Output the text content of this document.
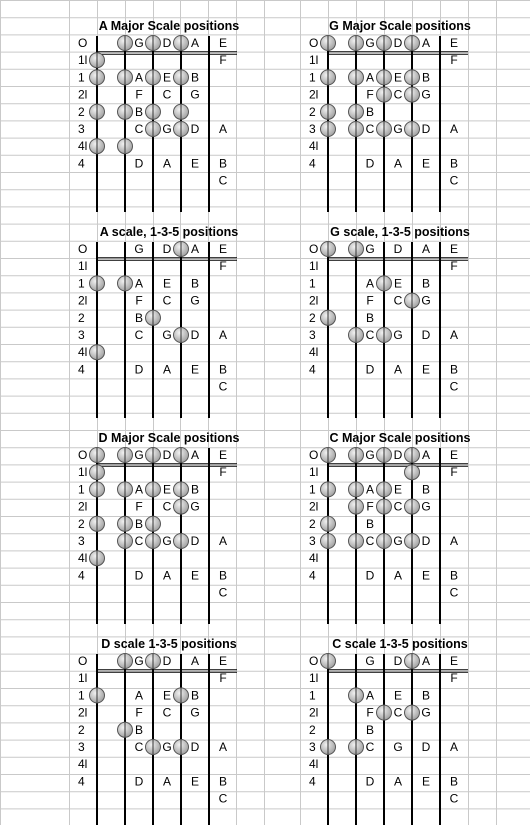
A Major Scale positions
O
1l
1
2l
2
3
4l
4
G D A E
F
A E B
F C G
B
C G D A
D A E B
C
G Major Scale positions
O
1l
1
2l
2
3
4l
4
G D A E
F
A E B
F C G
B
C G D A
D A E B
C
A scale, 1-3-5 positions
O
1l
1
2l
2
3
4l
4
G D A E
F
A E B
F C G
B
C G D A
D A E B
C
G scale, 1-3-5 positions
O
1l
1
2l
2
3
4l
4
G D A E
F
A E B
F C G
B
C G D A
D A E B
C
D Major Scale positions
O
1l
1
2l
2
3
4l
4
G D A E
F
A E B
F C G
B
C G D A
D A E B
C
C Major Scale positions
O
1l
1
2l
2
3
4l
4
G D A E
F
A E B
F C G
B
C G D A
D A E B
C
D scale 1-3-5 positions
O
1l
1
2l
2
3
4l
4
G D A E
F
A E B
F C G
B
C G D A
D A E B
C
C scale 1-3-5 positions
O
1l
1
2l
2
3
4l
4
G D A E
F
A E B
F C G
B
C G D A
D A E B
C
